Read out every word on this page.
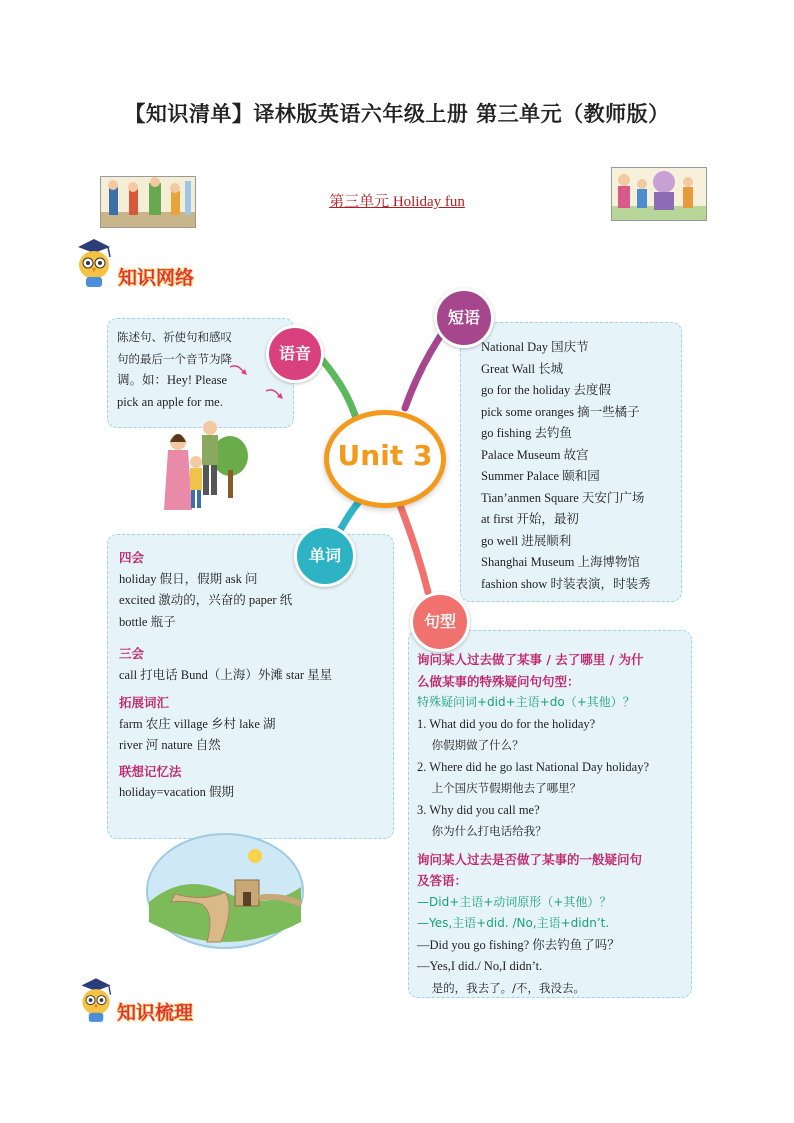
【知识清单】译林版英语六年级上册 第三单元（教师版）
第三单元 Holiday fun
知识网络
陈述句、祈使句和感叹
句的最后一个音节为降
调。如：Hey! Please
pick an apple for me.
语音	National Day 国庆节
Great Wall 长城
go for the holiday 去度假
pick some oranges 摘一些橘子
go fishing 去钓鱼
Palace Museum 故宫
Summer Palace 颐和园
Tian’anmen Square 天安门广场
at first 开始，最初
go well 进展顺利
Shanghai Museum 上海博物馆
fashion show 时装表演，时装秀
短语
Unit 3
四会
holiday 假日，假期 ask 问
excited 激动的，兴奋的 paper 纸
bottle 瓶子
三会
call 打电话 Bund（上海）外滩 star 星星
拓展词汇
farm 农庄 village 乡村 lake 湖
river 河 nature 自然
联想记忆法
holiday=vacation 假期
单词
询问某人过去做了某事 / 去了哪里 / 为什
么做某事的特殊疑问句句型：
特殊疑问词+did+主语+do（+其他）？
1. What did you do for the holiday?
你假期做了什么？
2. Where did he go last National Day holiday?
上个国庆节假期他去了哪里？
3. Why did you call me?
你为什么打电话给我？
询问某人过去是否做了某事的一般疑问句
及答语：
—Did+主语+动词原形（+其他）？
—Yes,主语+did. /No,主语+didn’t.
—Did you go fishing? 你去钓鱼了吗？
—Yes,I did./ No,I didn’t.
是的，我去了。/不，我没去。
句型
知识梳理
